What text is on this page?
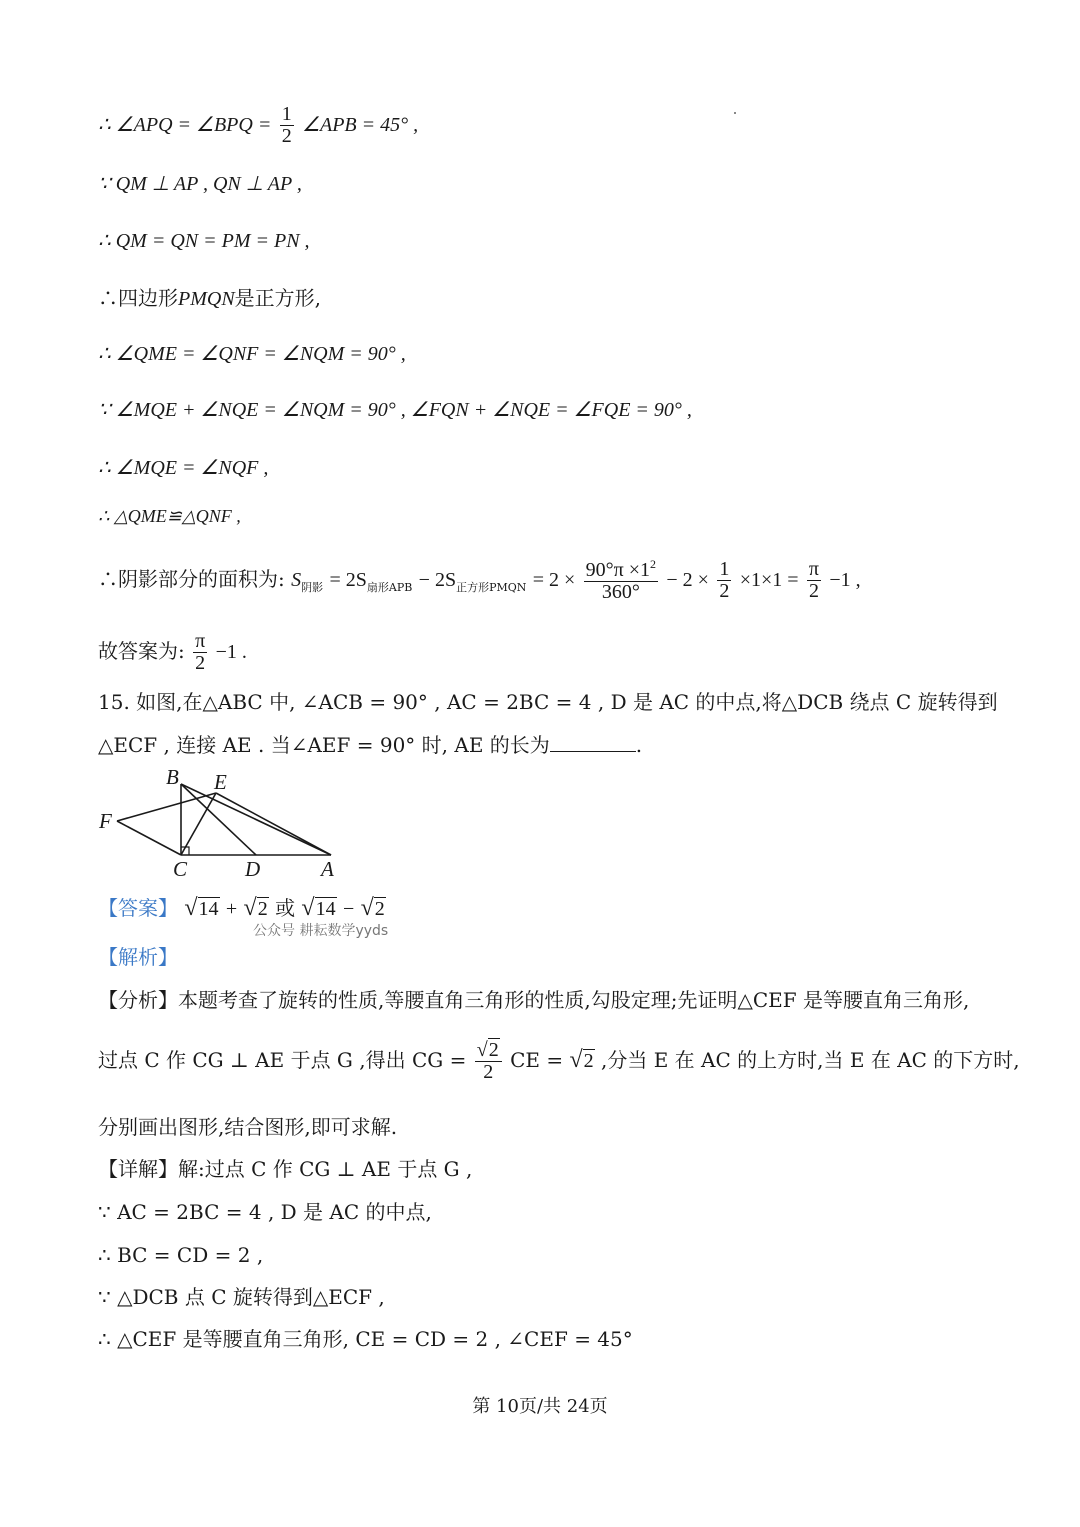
∴ ∠APQ = ∠BPQ = $\frac{1}{2}$ ∠APB = 45° ,
∵ QM ⊥ AP , QN ⊥ AP ,
∴ QM = QN = PM = PN ,
∴四边形PMQN是正方形,
∴ ∠QME = ∠QNF = ∠NQM = 90° ,
∵ ∠MQE + ∠NQE = ∠NQM = 90° , ∠FQN + ∠NQE = ∠FQE = 90° ,
∴ ∠MQE = ∠NQF ,
∴ △QME≌△QNF ,
∴阴影部分的面积为: $S_{阴影} = 2S_{扇形APB} - 2S_{正方形PMQN} = 2 \times \frac{90^\circ\pi \times 1^2}{360^\circ} - 2 \times \frac{1}{2} \times 1\times 1 = \frac{\pi}{2} -1$ ,
故答案为: $\frac{\pi}{2} -1$ .
15. 如图,在△ABC 中, ∠ACB = 90° , AC = 2BC = 4 , D 是 AC 的中点,将△DCB 绕点 C 旋转得到
△ECF , 连接 AE . 当∠AEF = 90° 时, AE 的长为	.
B E
F
C	D	A
【答案】 √14 + √2 或 √14 − √2
公众号 耕耘数学yyds
【解析】
【分析】本题考查了旋转的性质,等腰直角三角形的性质,勾股定理;先证明△CEF 是等腰直角三角形,
过点 C 作 CG ⊥ AE 于点 G ,得出 CG = $\frac{√2}{2}$ CE = √2 ,分当 E 在 AC 的上方时,当 E 在 AC 的下方时,
分别画出图形,结合图形,即可求解.
【详解】解:过点 C 作 CG ⊥ AE 于点 G ,
∵ AC = 2BC = 4 , D 是 AC 的中点,
∴ BC = CD = 2 ,
∵ △DCB 点 C 旋转得到△ECF ,
∴ △CEF 是等腰直角三角形, CE = CD = 2 , ∠CEF = 45°
第 10页/共 24页
